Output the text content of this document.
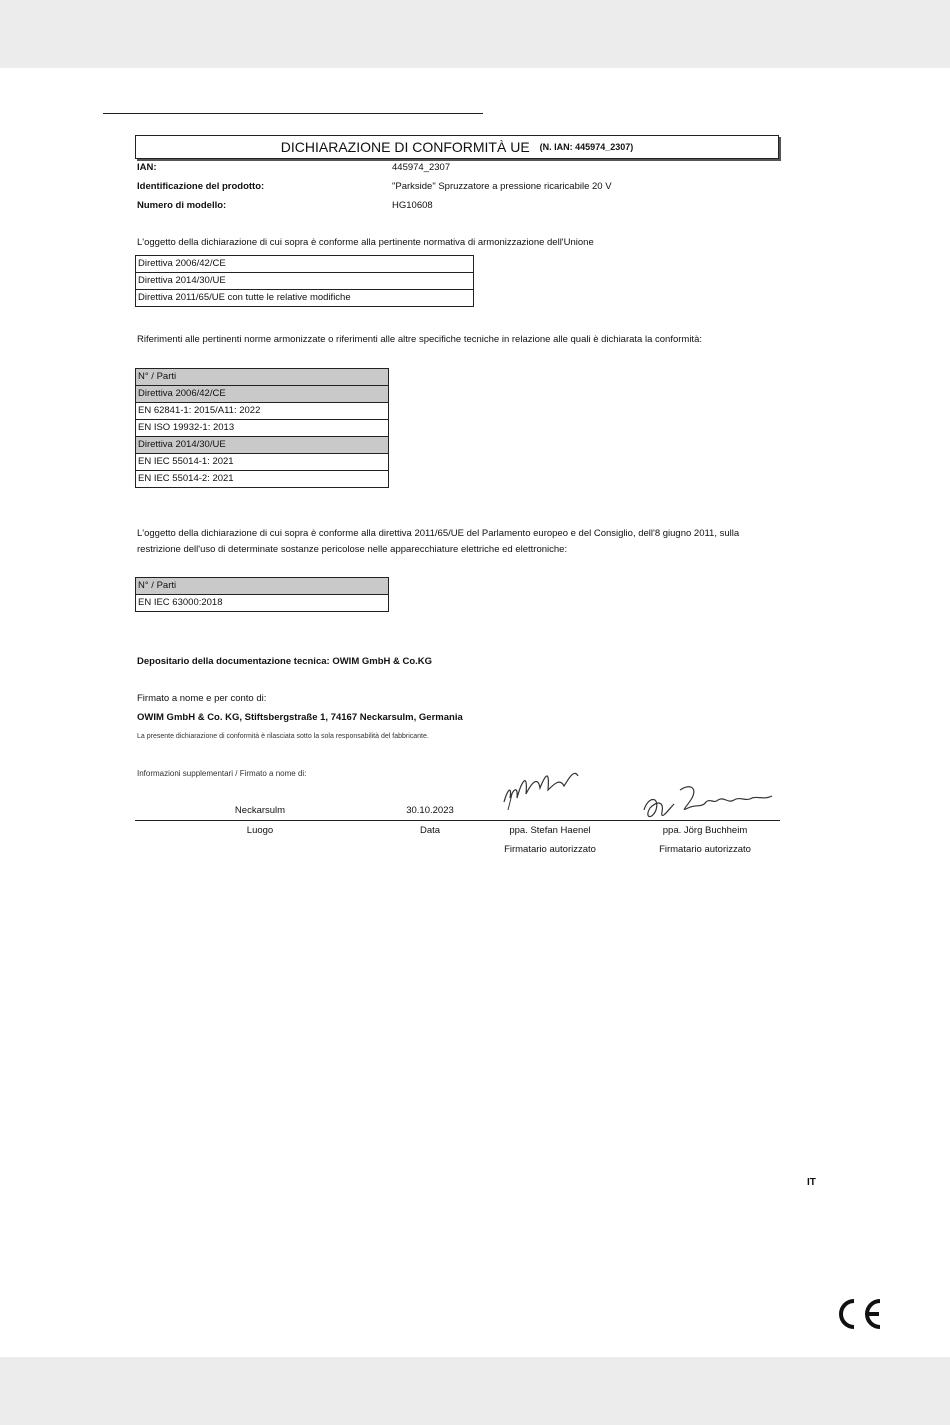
DICHIARAZIONE DI CONFORMITÀ UE (N. IAN: 445974_2307)
IAN:	445974_2307
Identificazione del prodotto:	"Parkside" Spruzzatore a pressione ricaricabile 20 V
Numero di modello:	HG10608
L'oggetto della dichiarazione di cui sopra è conforme alla pertinente normativa di armonizzazione dell'Unione
Direttiva 2006/42/CE
Direttiva 2014/30/UE
Direttiva 2011/65/UE con tutte le relative modifiche
Riferimenti alle pertinenti norme armonizzate o riferimenti alle altre specifiche tecniche in relazione alle quali è dichiarata la conformità:
N° / Parti
Direttiva 2006/42/CE
EN 62841-1: 2015/A11: 2022
EN ISO 19932-1: 2013
Direttiva 2014/30/UE
EN IEC 55014-1: 2021
EN IEC 55014-2: 2021
L'oggetto della dichiarazione di cui sopra è conforme alla direttiva 2011/65/UE del Parlamento europeo e del Consiglio, dell'8 giugno 2011, sulla restrizione dell'uso di determinate sostanze pericolose nelle apparecchiature elettriche ed elettroniche:
N° / Parti
EN IEC 63000:2018
Depositario della documentazione tecnica: OWIM GmbH & Co.KG
Firmato a nome e per conto di:
OWIM GmbH & Co. KG, Stiftsbergstraße 1, 74167 Neckarsulm, Germania
La presente dichiarazione di conformità è rilasciata sotto la sola responsabilità del fabbricante.
Informazioni supplementari / Firmato a nome di:
Neckarsulm	30.10.2023
Luogo	Data	ppa. Stefan Haenel	ppa. Jörg Buchheim
Firmatario autorizzato	Firmatario autorizzato
IT
